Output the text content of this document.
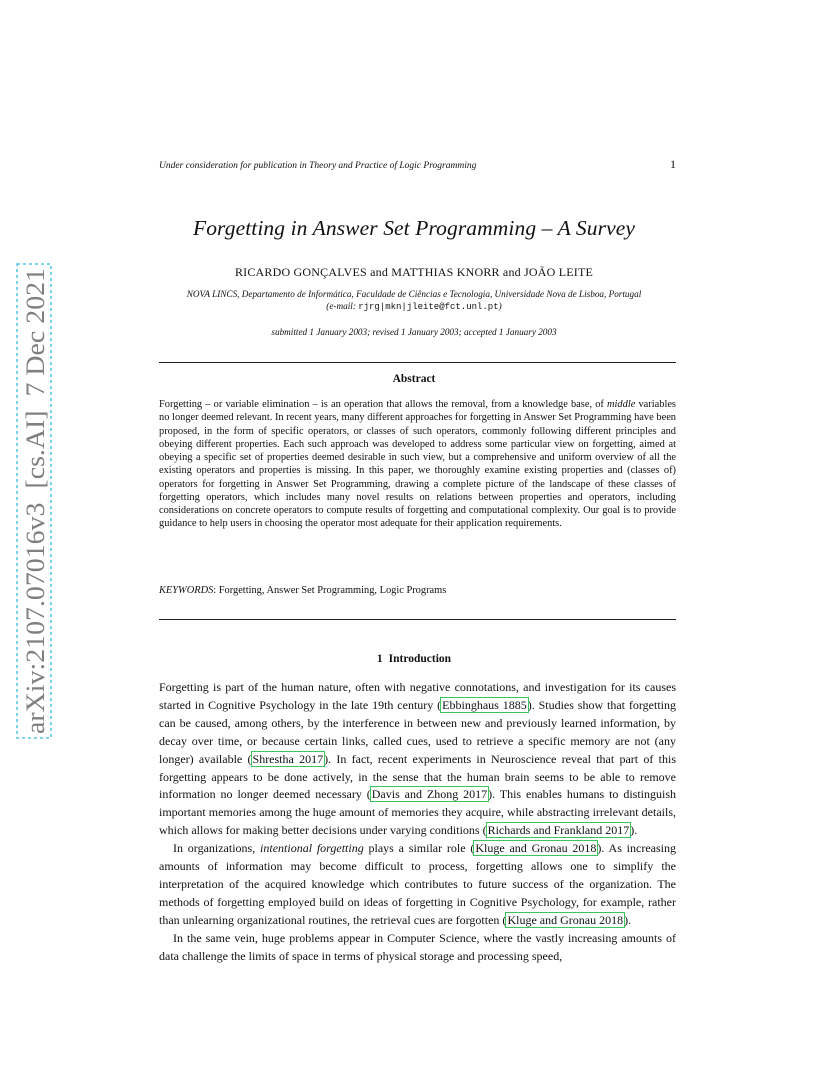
arXiv:2107.07016v3  [cs.AI]  7 Dec 2021
Under consideration for publication in Theory and Practice of Logic Programming	1
Forgetting in Answer Set Programming – A Survey
RICARDO GONÇALVES and MATTHIAS KNORR and JOÃO LEITE
NOVA LINCS, Departamento de Informática, Faculdade de Ciências e Tecnologia, Universidade Nova de Lisboa, Portugal
(e-mail: rjrg|mkn|jleite@fct.unl.pt)
submitted 1 January 2003; revised 1 January 2003; accepted 1 January 2003
Abstract
Forgetting – or variable elimination – is an operation that allows the removal, from a knowledge base, of middle variables no longer deemed relevant. In recent years, many different approaches for forgetting in Answer Set Programming have been proposed, in the form of specific operators, or classes of such operators, commonly following different principles and obeying different properties. Each such approach was developed to address some particular view on forgetting, aimed at obeying a specific set of properties deemed desirable in such view, but a comprehensive and uniform overview of all the existing operators and properties is missing. In this paper, we thoroughly examine existing properties and (classes of) operators for forgetting in Answer Set Programming, drawing a complete picture of the landscape of these classes of forgetting operators, which includes many novel results on relations between properties and operators, including considerations on concrete operators to compute results of forgetting and computational complexity. Our goal is to provide guidance to help users in choosing the operator most adequate for their application requirements.
KEYWORDS: Forgetting, Answer Set Programming, Logic Programs
1 Introduction

Forgetting is part of the human nature, often with negative connotations, and investigation for its causes started in Cognitive Psychology in the late 19th century (Ebbinghaus 1885). Studies show that forgetting can be caused, among others, by the interference in between new and previously learned information, by decay over time, or because certain links, called cues, used to retrieve a specific memory are not (any longer) available (Shrestha 2017). In fact, recent experiments in Neuroscience reveal that part of this forgetting appears to be done actively, in the sense that the human brain seems to be able to remove information no longer deemed necessary (Davis and Zhong 2017). This enables humans to distinguish important memories among the huge amount of memories they acquire, while abstracting irrelevant details, which allows for making better decisions under varying conditions (Richards and Frankland 2017).

In organizations, intentional forgetting plays a similar role (Kluge and Gronau 2018). As increasing amounts of information may become difficult to process, forgetting allows one to simplify the interpretation of the acquired knowledge which contributes to future success of the organization. The methods of forgetting employed build on ideas of forgetting in Cognitive Psychology, for example, rather than unlearning organizational routines, the retrieval cues are forgotten (Kluge and Gronau 2018).

In the same vein, huge problems appear in Computer Science, where the vastly increasing amounts of data challenge the limits of space in terms of physical storage and processing speed,
